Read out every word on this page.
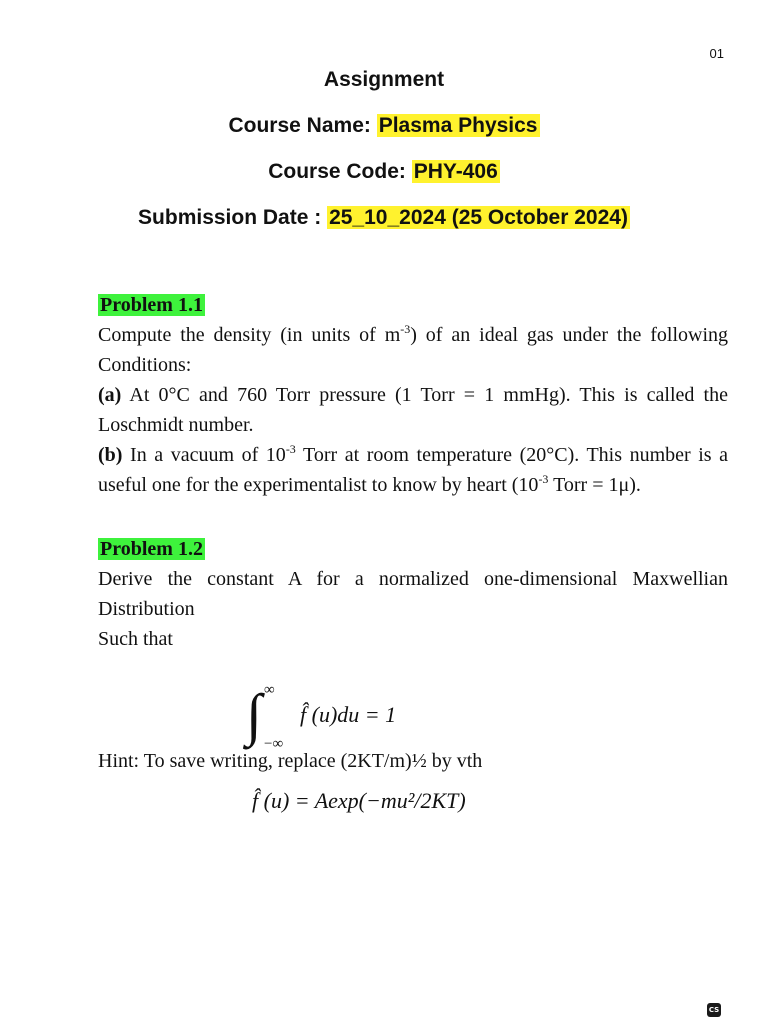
01
Assignment
Course Name: Plasma Physics
Course Code: PHY-406
Submission Date : 25_10_2024 (25 October 2024)
Problem 1.1
Compute the density (in units of $m^{-3}$) of an ideal gas under the following Conditions:
(a) At 0°C and 760 Torr pressure (1 Torr = 1 mmHg). This is called the Loschmidt number.
(b) In a vacuum of $10^{-3}$ Torr at room temperature (20°C). This number is a useful one for the experimentalist to know by heart ($10^{-3}$ Torr = 1μ).
Problem 1.2
Derive the constant A for a normalized one-dimensional Maxwellian Distribution
Such that
∫ ∞
−∞
f̂ (u)du = 1
Hint: To save writing, replace (2KT/m)½ by vth
f̂ (u) = Aexp(−mu²/2KT)
CS
